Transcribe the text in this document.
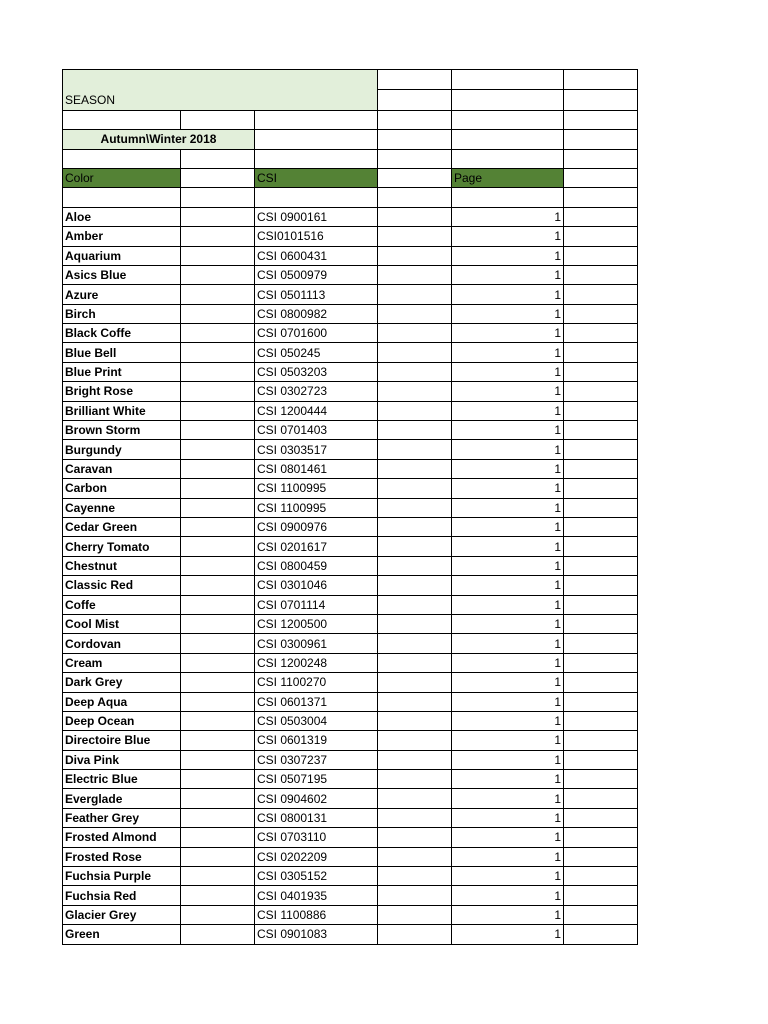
SEASON					

Autumn\Winter 2018					

Color		CSI		Page	

Aloe		CSI 0900161		1	
Amber		CSI0101516		1	
Aquarium		CSI 0600431		1	
Asics Blue		CSI 0500979		1	
Azure		CSI 0501113		1	
Birch		CSI 0800982		1	
Black Coffe		CSI 0701600		1	
Blue Bell		CSI 050245		1	
Blue Print		CSI 0503203		1	
Bright Rose		CSI 0302723		1	
Brilliant White		CSI 1200444		1	
Brown Storm		CSI 0701403		1	
Burgundy		CSI 0303517		1	
Caravan		CSI 0801461		1	
Carbon		CSI 1100995		1	
Cayenne		CSI 1100995		1	
Cedar Green		CSI 0900976		1	
Cherry Tomato		CSI 0201617		1	
Chestnut		CSI 0800459		1	
Classic Red		CSI 0301046		1	
Coffe		CSI 0701114		1	
Cool Mist		CSI 1200500		1	
Cordovan		CSI 0300961		1	
Cream		CSI 1200248		1	
Dark Grey		CSI 1100270		1	
Deep Aqua		CSI 0601371		1	
Deep Ocean		CSI 0503004		1	
Directoire Blue		CSI 0601319		1	
Diva Pink		CSI 0307237		1	
Electric Blue		CSI 0507195		1	
Everglade		CSI 0904602		1	
Feather Grey		CSI 0800131		1	
Frosted Almond		CSI 0703110		1	
Frosted Rose		CSI 0202209		1	
Fuchsia Purple		CSI 0305152		1	
Fuchsia Red		CSI 0401935		1	
Glacier Grey		CSI 1100886		1	
Green		CSI 0901083		1	
